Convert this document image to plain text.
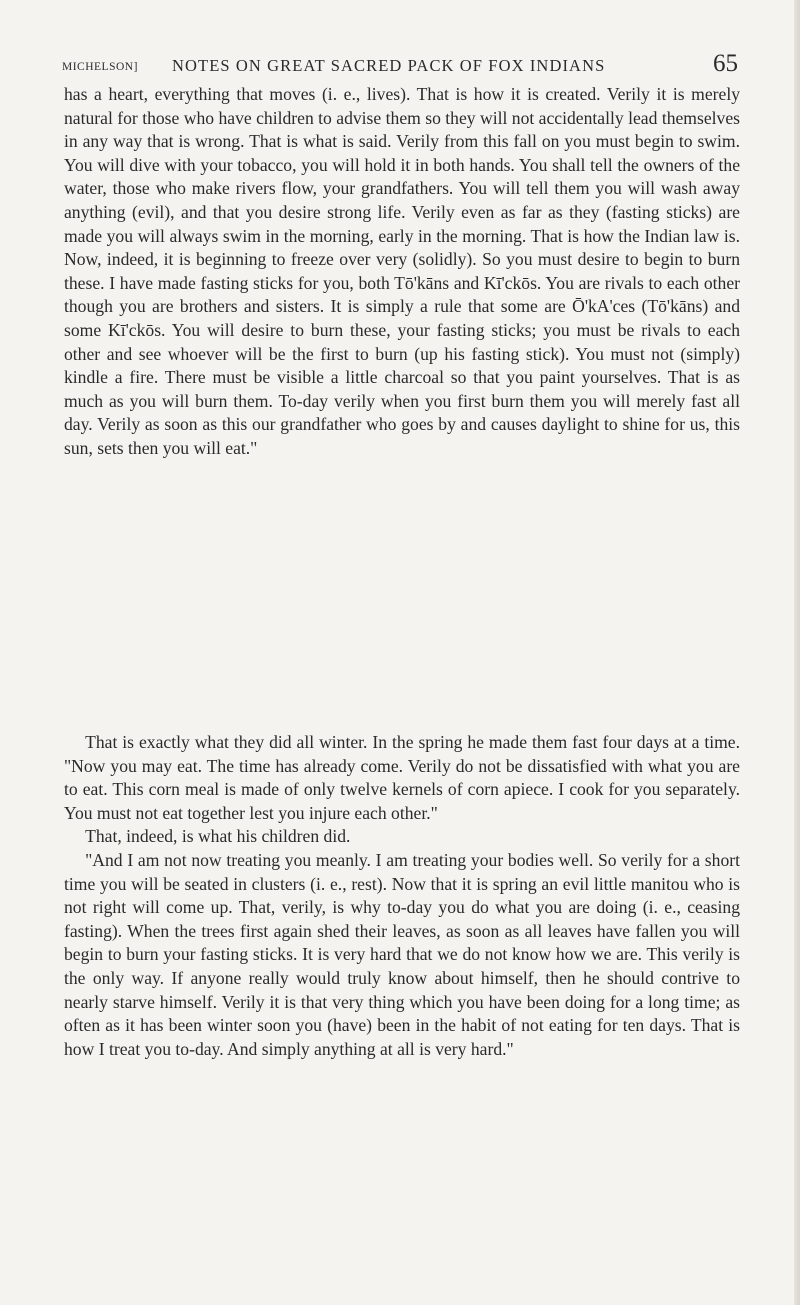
MICHELSON] NOTES ON GREAT SACRED PACK OF FOX INDIANS	65

has a heart, everything that moves (i. e., lives). That is how it is created. Verily it is merely natural for those who have children to advise them so they will not accidentally lead themselves in any way that is wrong. That is what is said. Verily from this fall on you must begin to swim. You will dive with your tobacco, you will hold it in both hands. You shall tell the owners of the water, those who make rivers flow, your grandfathers. You will tell them you will wash away anything (evil), and that you desire strong life. Verily even as far as they (fasting sticks) are made you will always swim in the morning, early in the morning. That is how the Indian law is. Now, indeed, it is beginning to freeze over very (solidly). So you must desire to begin to burn these. I have made fasting sticks for you, both Tō'kāns and Kī'ckōs. You are rivals to each other though you are brothers and sisters. It is simply a rule that some are Ō'kA'ces (Tō'kāns) and some Kī'ckōs. You will desire to burn these, your fasting sticks; you must be rivals to each other and see whoever will be the first to burn (up his fasting stick). You must not (simply) kindle a fire. There must be visible a little charcoal so that you paint yourselves. That is as much as you will burn them. To-day verily when you first burn them you will merely fast all day. Verily as soon as this our grandfather who goes by and causes daylight to shine for us, this sun, sets then you will eat."

That is exactly what they did all winter. In the spring he made them fast four days at a time. "Now you may eat. The time has already come. Verily do not be dissatisfied with what you are to eat. This corn meal is made of only twelve kernels of corn apiece. I cook for you separately. You must not eat together lest you injure each other."

That, indeed, is what his children did.

"And I am not now treating you meanly. I am treating your bodies well. So verily for a short time you will be seated in clusters (i. e., rest). Now that it is spring an evil little manitou who is not right will come up. That, verily, is why to-day you do what you are doing (i. e., ceasing fasting). When the trees first again shed their leaves, as soon as all leaves have fallen you will begin to burn your fasting sticks. It is very hard that we do not know how we are. This verily is the only way. If anyone really would truly know about himself, then he should contrive to nearly starve himself. Verily it is that very thing which you have been doing for a long time; as often as it has been winter soon you (have) been in the habit of not eating for ten days. That is how I treat you to-day. And simply anything at all is very hard."
